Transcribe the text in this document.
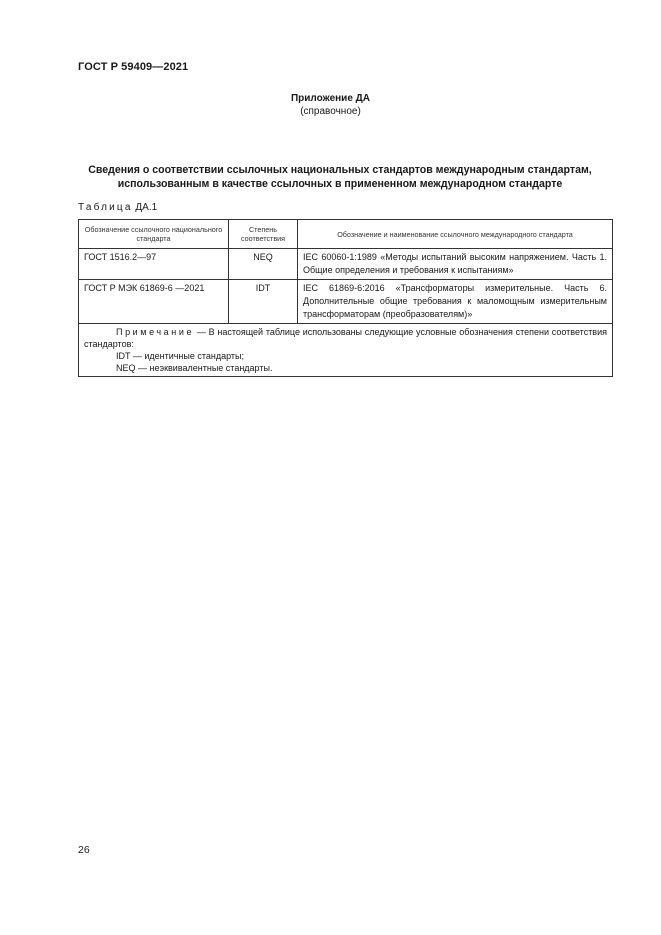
ГОСТ Р 59409—2021
Приложение ДА
(справочное)
Сведения о соответствии ссылочных национальных стандартов международным стандартам,
использованным в качестве ссылочных в примененном международном стандарте
Таблица ДА.1
Обозначение ссылочного национального стандарта	Степень соответствия	Обозначение и наименование ссылочного международного стандарта
ГОСТ 1516.2—97	NEQ	IEC 60060-1:1989 «Методы испытаний высоким напряжением. Часть 1. Общие определения и требования к испытаниям»
ГОСТ Р МЭК 61869-6 —2021	IDT	IEC 61869-6:2016 «Трансформаторы измерительные. Часть 6. Дополнительные общие требования к маломощным измерительным трансформаторам (преобразователям)»

Примечание — В настоящей таблице использованы следующие условные обозначения степени соответствия стандартов:
IDT — идентичные стандарты;
NEQ — неэквивалентные стандарты.		
26
